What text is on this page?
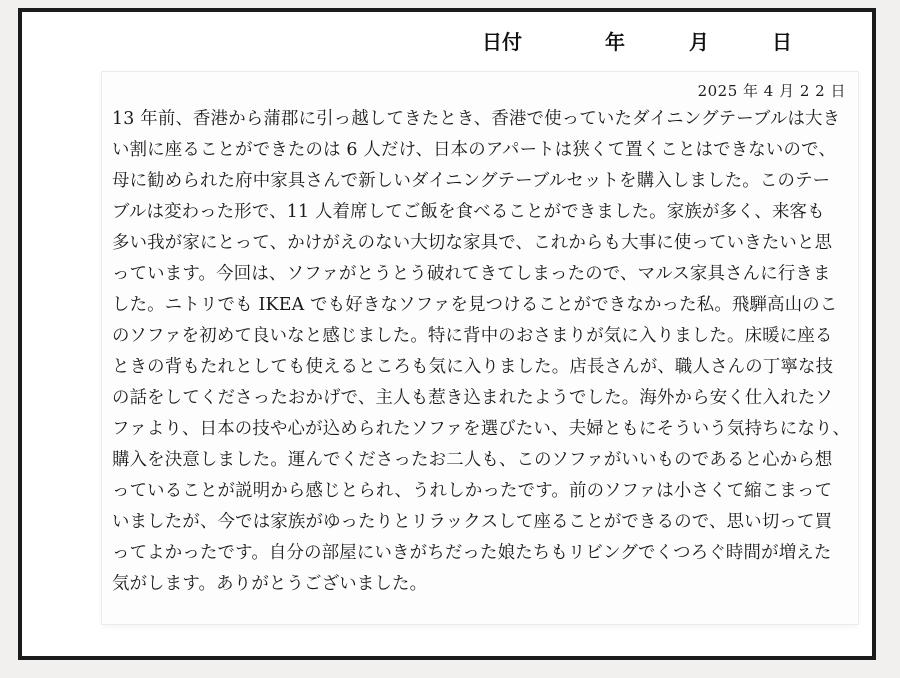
日付	年	月	日
2025 年 4 月 2 2 日
13 年前、香港から蒲郡に引っ越してきたとき、香港で使っていたダイニングテーブルは大き
い割に座ることができたのは 6 人だけ、日本のアパートは狭くて置くことはできないので、
母に勧められた府中家具さんで新しいダイニングテーブルセットを購入しました。このテー
ブルは変わった形で、11 人着席してご飯を食べることができました。家族が多く、来客も
多い我が家にとって、かけがえのない大切な家具で、これからも大事に使っていきたいと思
っています。今回は、ソファがとうとう破れてきてしまったので、マルス家具さんに行きま
した。ニトリでも IKEA でも好きなソファを見つけることができなかった私。飛騨高山のこ
のソファを初めて良いなと感じました。特に背中のおさまりが気に入りました。床暖に座る
ときの背もたれとしても使えるところも気に入りました。店長さんが、職人さんの丁寧な技
の話をしてくださったおかげで、主人も惹き込まれたようでした。海外から安く仕入れたソ
ファより、日本の技や心が込められたソファを選びたい、夫婦ともにそういう気持ちになり、
購入を決意しました。運んでくださったお二人も、このソファがいいものであると心から想
っていることが説明から感じとられ、うれしかったです。前のソファは小さくて縮こまって
いましたが、今では家族がゆったりとリラックスして座ることができるので、思い切って買
ってよかったです。自分の部屋にいきがちだった娘たちもリビングでくつろぐ時間が増えた
気がします。ありがとうございました。
